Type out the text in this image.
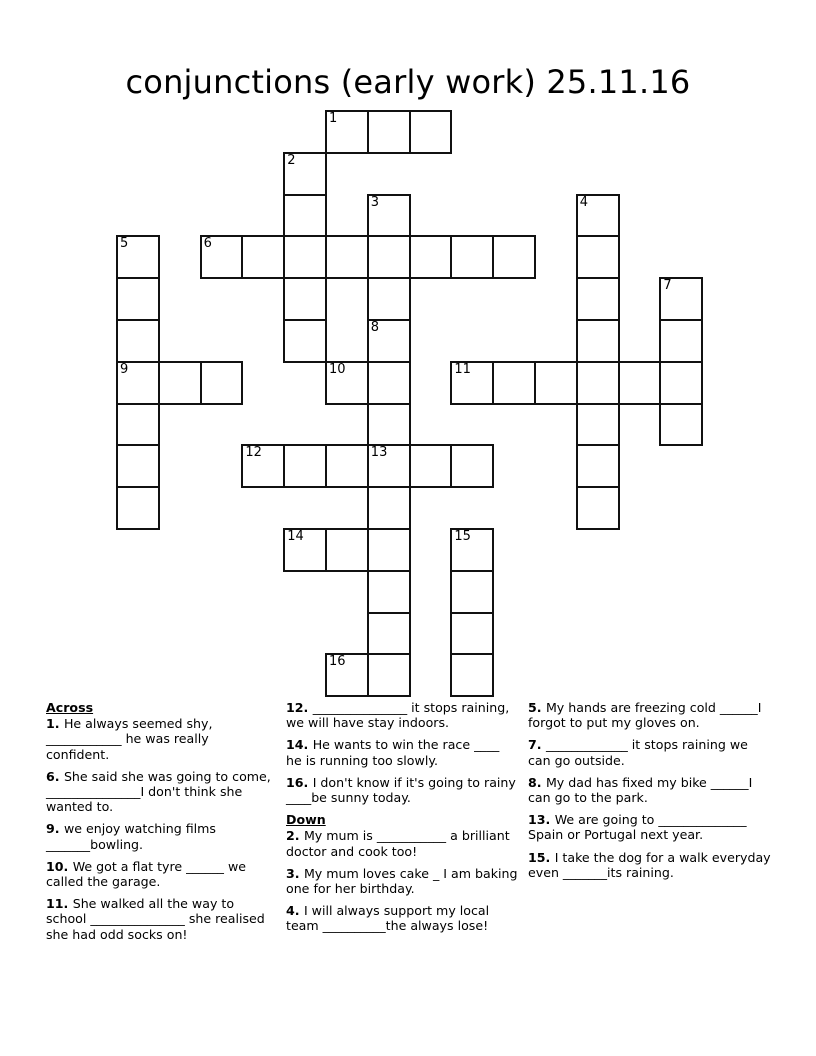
conjunctions (early work) 25.11.16
1
2
3	4
5
9
6
7
8
10	11
12	13
14	15
16
Across
1. He always seemed shy, ____________ he was really confident.
6. She said she was going to come, _______________I don't think she wanted to.
9. we enjoy watching films _______bowling.
10. We got a flat tyre ______ we called the garage.
11. She walked all the way to school _______________ she realised she had odd socks on!
12. _______________ it stops raining, we will have stay indoors.
14. He wants to win the race ____ he is running too slowly.
16. I don't know if it's going to rainy ____be sunny today.
Down
2. My mum is ___________ a brilliant doctor and cook too!
3. My mum loves cake _ I am baking one for her birthday.
4. I will always support my local team __________the always lose!
5. My hands are freezing cold ______I forgot to put my gloves on.
7. _____________ it stops raining we can go outside.
8. My dad has fixed my bike ______I can go to the park.
13. We are going to ______________ Spain or Portugal next year.
15. I take the dog for a walk everyday even _______its raining.
